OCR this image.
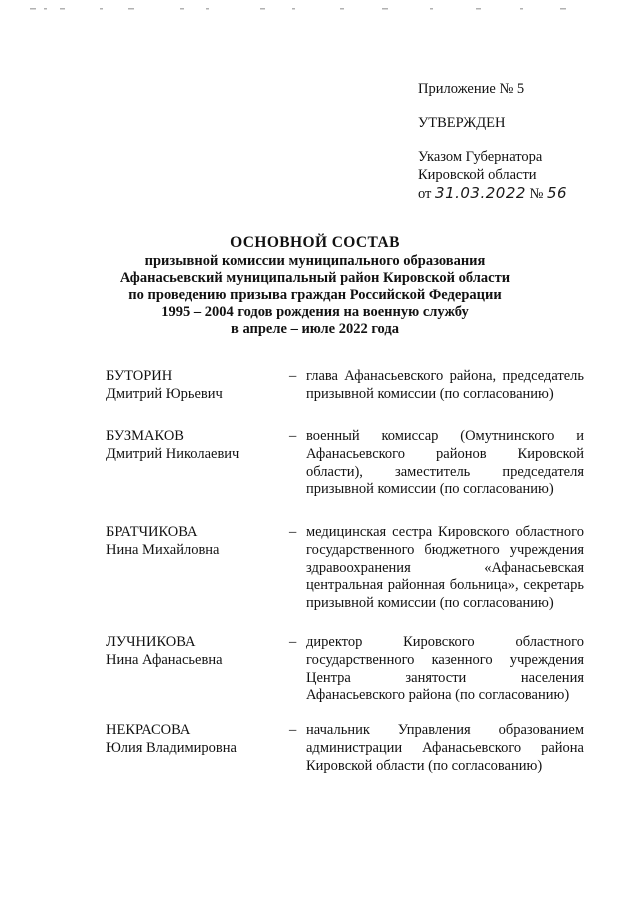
Приложение № 5
УТВЕРЖДЕН
Указом Губернатора
Кировской области
от 31.03.2022 № 56
ОСНОВНОЙ СОСТАВ
призывной комиссии муниципального образования
Афанасьевский муниципальный район Кировской области
по проведению призыва граждан Российской Федерации
1995 – 2004 годов рождения на военную службу
в апреле – июле 2022 года
БУТОРИН
Дмитрий Юрьевич
– глава Афанасьевского района, председатель призывной комиссии (по согласованию)
БУЗМАКОВ
Дмитрий Николаевич
– военный комиссар (Омутнинского и Афанасьевского районов Кировской области), заместитель председателя призывной комиссии (по согласованию)
БРАТЧИКОВА
Нина Михайловна
– медицинская сестра Кировского областного государственного бюджетного учреждения здравоохранения «Афанасьевская центральная районная больница», секретарь призывной комиссии (по согласованию)
ЛУЧНИКОВА
Нина Афанасьевна
– директор Кировского областного государственного казенного учреждения Центра занятости населения Афанасьевского района (по согласованию)
НЕКРАСОВА
Юлия Владимировна
– начальник Управления образованием администрации Афанасьевского района Кировской области (по согласованию)
